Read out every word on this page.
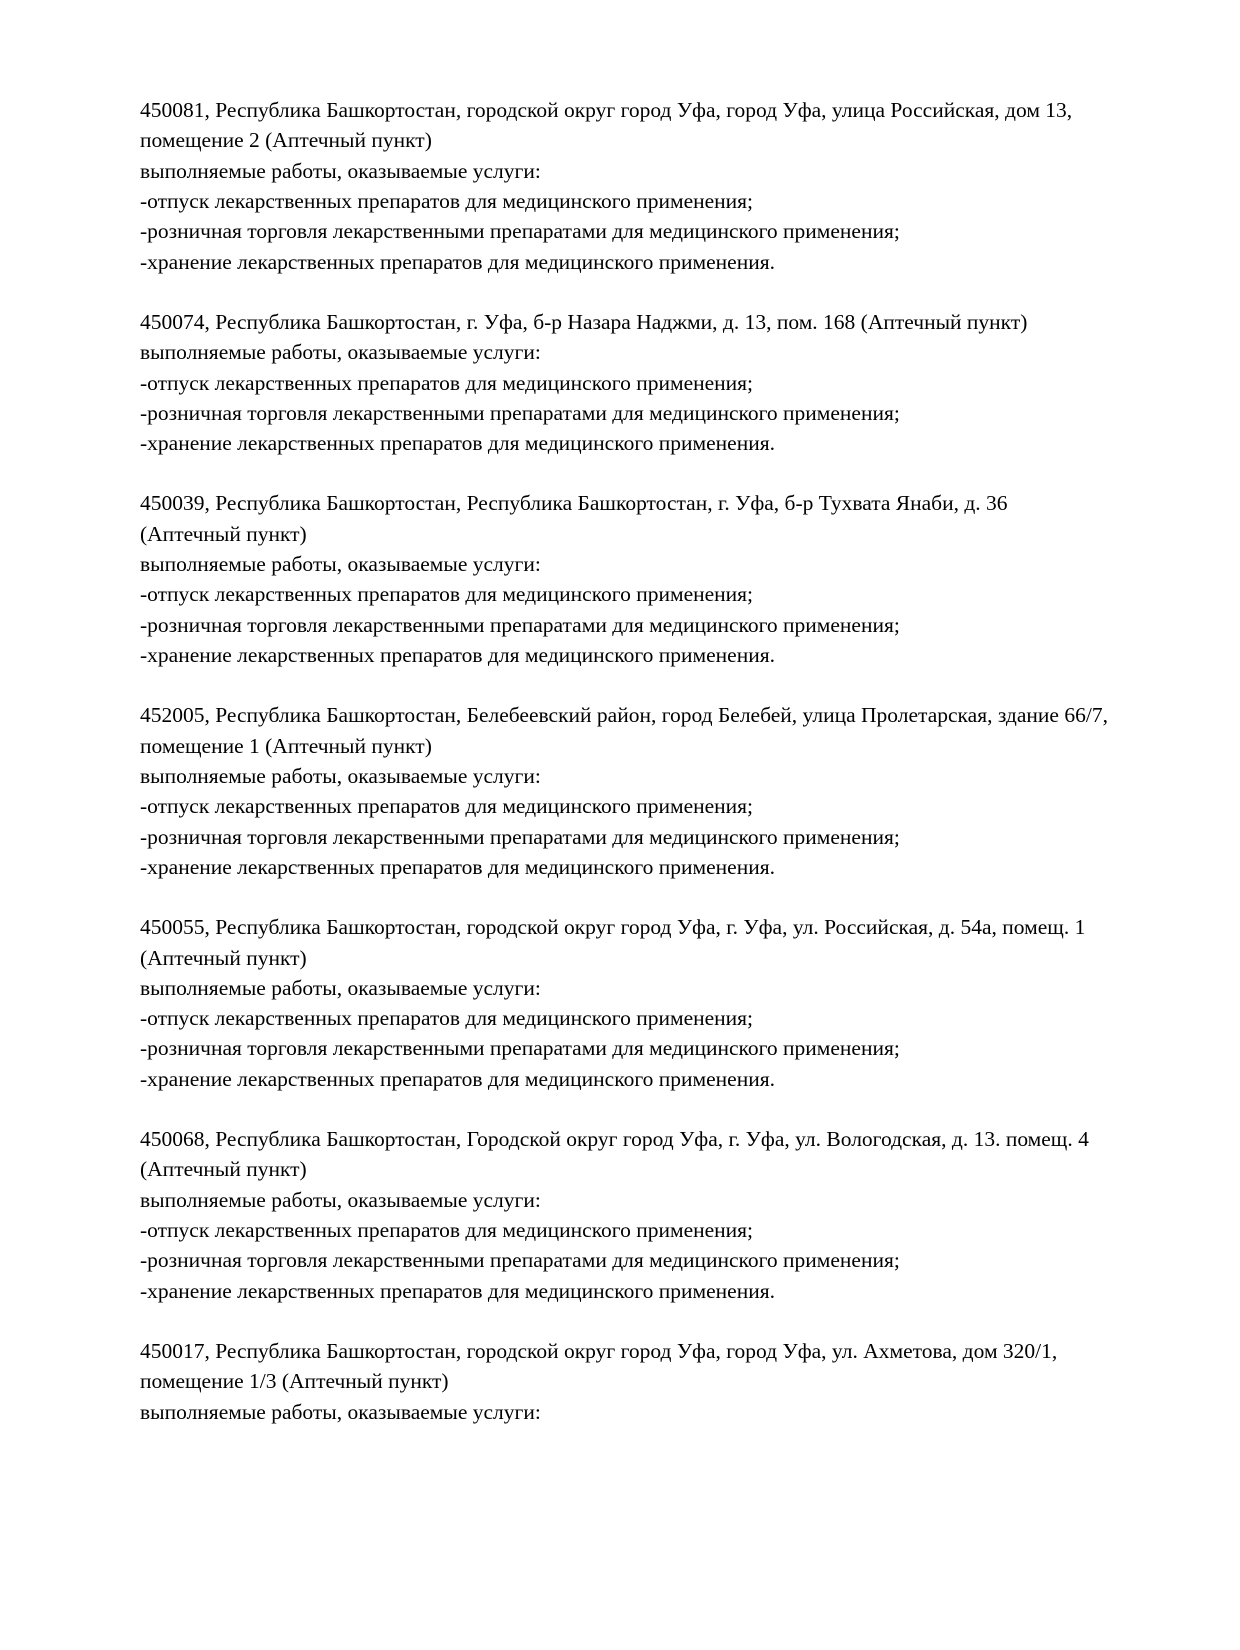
450081, Республика Башкортостан, городской округ город Уфа, город Уфа, улица Российская, дом 13, помещение 2 (Аптечный пункт)

выполняемые работы, оказываемые услуги:

-отпуск лекарственных препаратов для медицинского применения;

-розничная торговля лекарственными препаратами для медицинского применения;

-хранение лекарственных препаратов для медицинского применения.

450074, Республика Башкортостан, г. Уфа, б-р Назара Наджми, д. 13, пом. 168 (Аптечный пункт)

выполняемые работы, оказываемые услуги:

-отпуск лекарственных препаратов для медицинского применения;

-розничная торговля лекарственными препаратами для медицинского применения;

-хранение лекарственных препаратов для медицинского применения.

450039, Республика Башкортостан, Республика Башкортостан, г. Уфа, б-р Тухвата Янаби, д. 36 (Аптечный пункт)

выполняемые работы, оказываемые услуги:

-отпуск лекарственных препаратов для медицинского применения;

-розничная торговля лекарственными препаратами для медицинского применения;

-хранение лекарственных препаратов для медицинского применения.

452005, Республика Башкортостан, Белебеевский район, город Белебей, улица Пролетарская, здание 66/7, помещение 1 (Аптечный пункт)

выполняемые работы, оказываемые услуги:

-отпуск лекарственных препаратов для медицинского применения;

-розничная торговля лекарственными препаратами для медицинского применения;

-хранение лекарственных препаратов для медицинского применения.

450055, Республика Башкортостан, городской округ город Уфа, г. Уфа, ул. Российская, д. 54а, помещ. 1 (Аптечный пункт)

выполняемые работы, оказываемые услуги:

-отпуск лекарственных препаратов для медицинского применения;

-розничная торговля лекарственными препаратами для медицинского применения;

-хранение лекарственных препаратов для медицинского применения.

450068, Республика Башкортостан, Городской округ город Уфа, г. Уфа, ул. Вологодская, д. 13. помещ. 4 (Аптечный пункт)

выполняемые работы, оказываемые услуги:

-отпуск лекарственных препаратов для медицинского применения;

-розничная торговля лекарственными препаратами для медицинского применения;

-хранение лекарственных препаратов для медицинского применения.

450017, Республика Башкортостан, городской округ город Уфа, город Уфа, ул. Ахметова, дом 320/1, помещение 1/3 (Аптечный пункт)

выполняемые работы, оказываемые услуги:
